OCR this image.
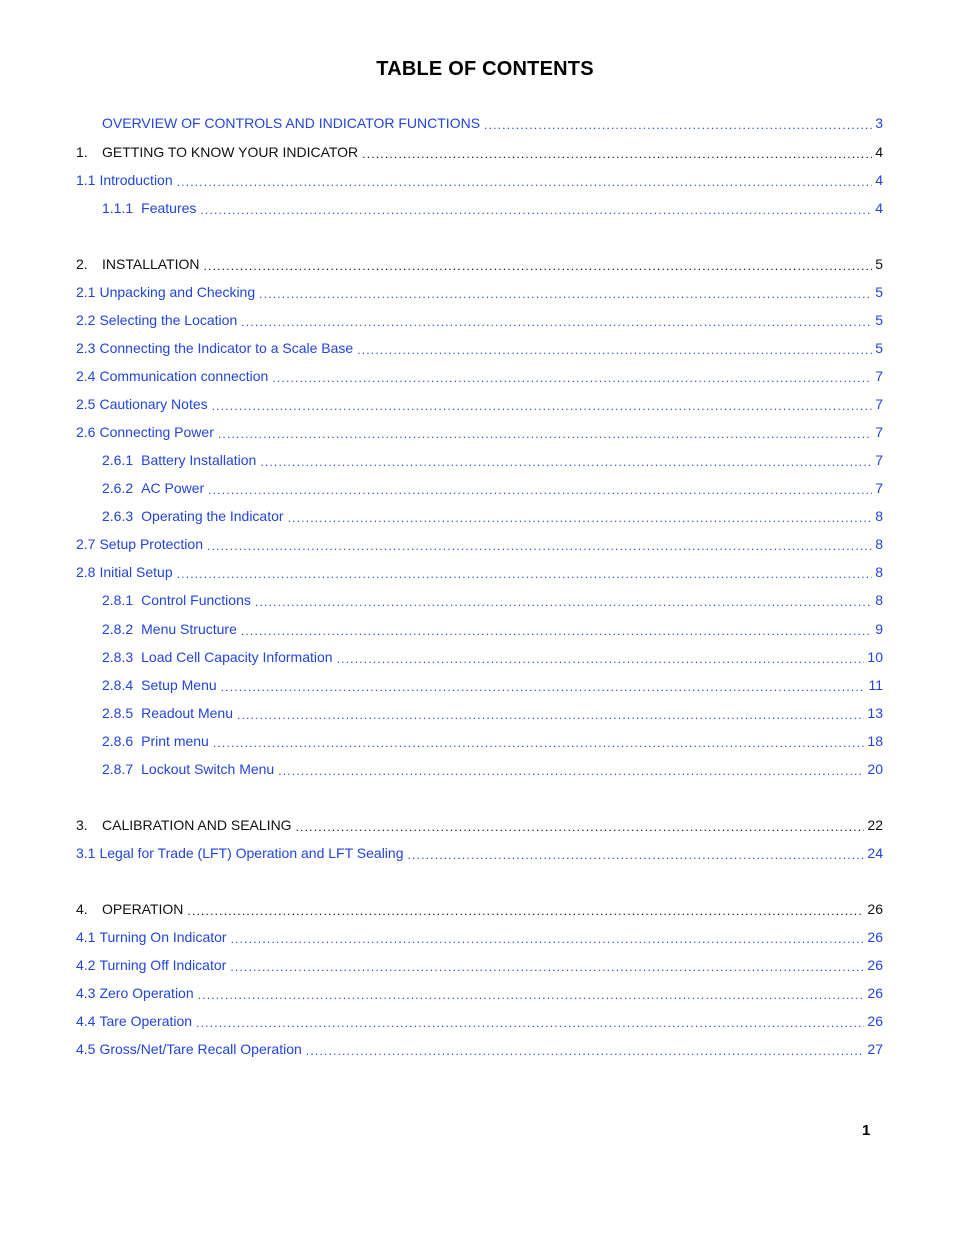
TABLE OF CONTENTS
OVERVIEW OF CONTROLS AND INDICATOR FUNCTIONS .....	3
1. GETTING TO KNOW YOUR INDICATOR .....	4
1.1 Introduction .....	4
1.1.1 Features .....	4
2. INSTALLATION .....	5
2.1 Unpacking and Checking .....	5
2.2 Selecting the Location .....	5
2.3 Connecting the Indicator to a Scale Base .....	5
2.4 Communication connection .....	7
2.5 Cautionary Notes .....	7
2.6 Connecting Power .....	7
2.6.1 Battery Installation .....	7
2.6.2 AC Power .....	7
2.6.3 Operating the Indicator .....	8
2.7 Setup Protection .....	8
2.8 Initial Setup .....	8
2.8.1 Control Functions .....	8
2.8.2 Menu Structure .....	9
2.8.3 Load Cell Capacity Information .....	10
2.8.4 Setup Menu .....	11
2.8.5 Readout Menu .....	13
2.8.6 Print menu .....	18
2.8.7 Lockout Switch Menu .....	20
3. CALIBRATION AND SEALING .....	22
3.1 Legal for Trade (LFT) Operation and LFT Sealing .....	24
4. OPERATION .....	26
4.1 Turning On Indicator .....	26
4.2 Turning Off Indicator .....	26
4.3 Zero Operation .....	26
4.4 Tare Operation .....	26
4.5 Gross/Net/Tare Recall Operation .....	27
1
